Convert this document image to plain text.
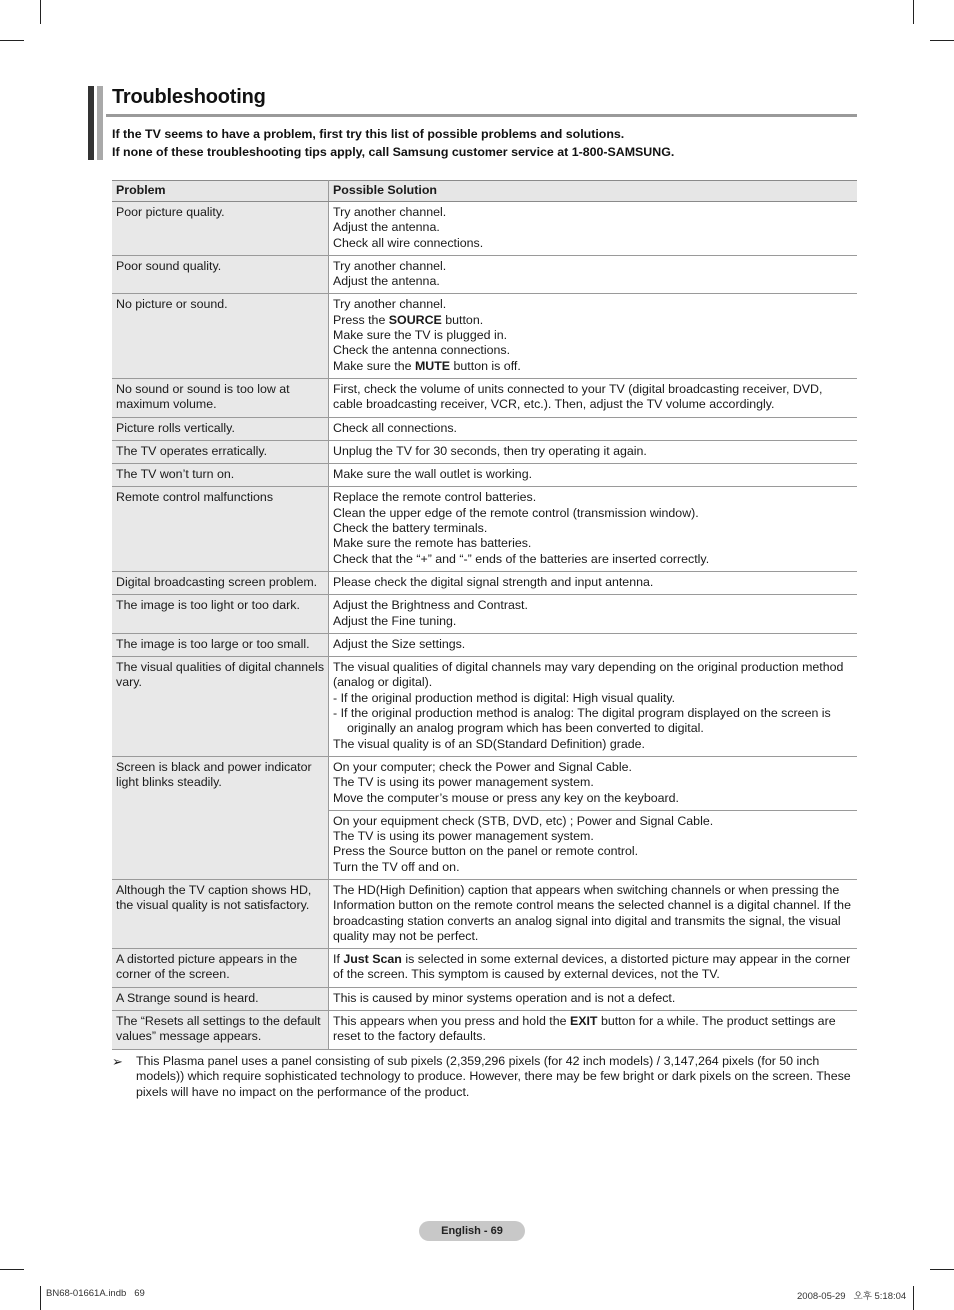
Troubleshooting
If the TV seems to have a problem, first try this list of possible problems and solutions.
If none of these troubleshooting tips apply, call Samsung customer service at 1-800-SAMSUNG.
Problem	Possible Solution
Poor picture quality.	Try another channel.
Adjust the antenna.
Check all wire connections.

Poor sound quality.	Try another channel.
Adjust the antenna.

No picture or sound.	Try another channel.
Press the SOURCE button.
Make sure the TV is plugged in.
Check the antenna connections.
Make sure the MUTE button is off.

No sound or sound is too low at maximum volume.	First, check the volume of units connected to your TV (digital broadcasting receiver, DVD, cable broadcasting receiver, VCR, etc.). Then, adjust the TV volume accordingly.

Picture rolls vertically.	Check all connections.

The TV operates erratically.	Unplug the TV for 30 seconds, then try operating it again.

The TV won’t turn on.	Make sure the wall outlet is working.

Remote control malfunctions	Replace the remote control batteries.
Clean the upper edge of the remote control (transmission window).
Check the battery terminals.
Make sure the remote has batteries.
Check that the “+” and “-” ends of the batteries are inserted correctly.

Digital broadcasting screen problem.	Please check the digital signal strength and input antenna.

The image is too light or too dark.	Adjust the Brightness and Contrast.
Adjust the Fine tuning.

The image is too large or too small.	Adjust the Size settings.

The visual qualities of digital channels vary.	The visual qualities of digital channels may vary depending on the original production method (analog or digital).
- If the original production method is digital: High visual quality.
- If the original production method is analog: The digital program displayed on the screen is originally an analog program which has been converted to digital.
The visual quality is of an SD(Standard Definition) grade.

Screen is black and power indicator light blinks steadily.	On your computer; check the Power and Signal Cable.
The TV is using its power management system.
Move the computer’s mouse or press any key on the keyboard.

	On your equipment check (STB, DVD, etc) ; Power and Signal Cable.
The TV is using its power management system.
Press the Source button on the panel or remote control.
Turn the TV off and on.

Although the TV caption shows HD, the visual quality is not satisfactory.	The HD(High Definition) caption that appears when switching channels or when pressing the Information button on the remote control means the selected channel is a digital channel. If the broadcasting station converts an analog signal into digital and transmits the signal, the visual quality may not be perfect.

A distorted picture appears in the corner of the screen.	If Just Scan is selected in some external devices, a distorted picture may appear in the corner of the screen. This symptom is caused by external devices, not the TV.

A Strange sound is heard.	This is caused by minor systems operation and is not a defect.

The “Resets all settings to the default values” message appears.	This appears when you press and hold the EXIT button for a while. The product settings are reset to the factory defaults.
➢ This Plasma panel uses a panel consisting of sub pixels (2,359,296 pixels (for 42 inch models) / 3,147,264 pixels (for 50 inch models)) which require sophisticated technology to produce. However, there may be few bright or dark pixels on the screen. These pixels will have no impact on the performance of the product.
English - 69
BN68-01661A.indb   69	2008-05-29   오후 5:18:04
